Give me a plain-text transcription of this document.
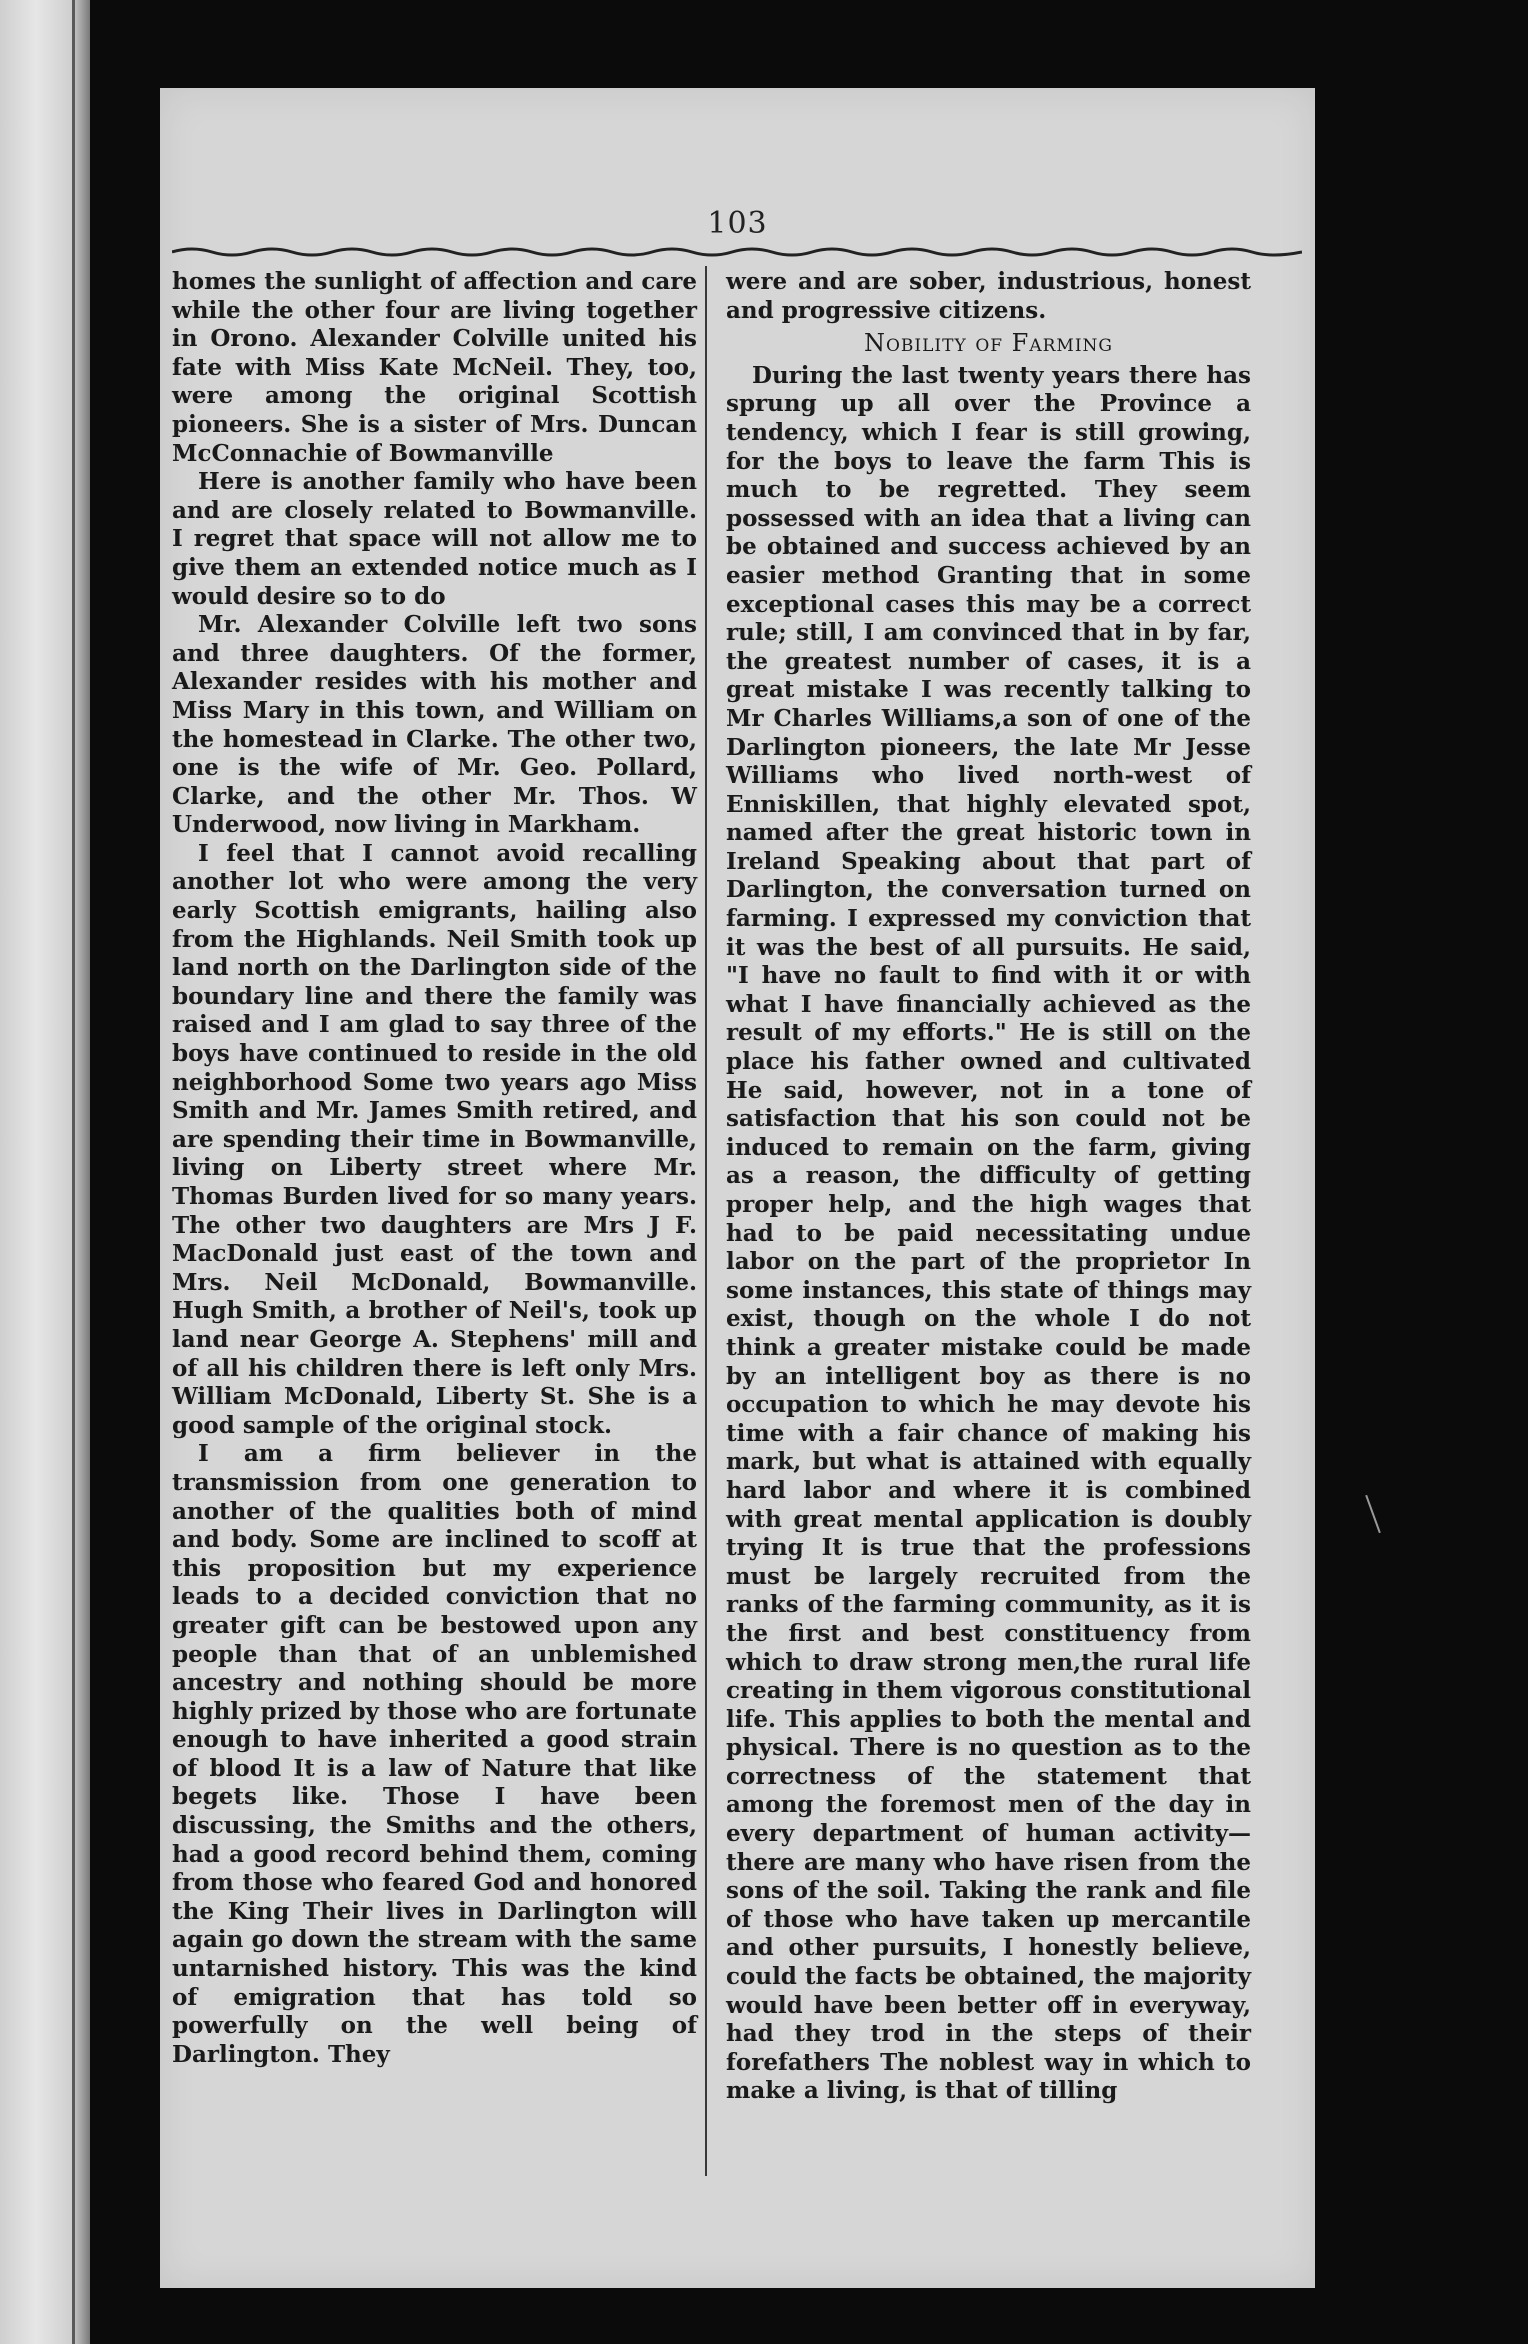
103

homes the sunlight of affection and care while the other four are living together in Orono. Alexander Colville united his fate with Miss Kate McNeil. They, too, were among the original Scottish pioneers. She is a sister of Mrs. Duncan McConnachie of Bowmanville

Here is another family who have been and are closely related to Bowmanville. I regret that space will not allow me to give them an extended notice much as I would desire so to do

Mr. Alexander Colville left two sons and three daughters. Of the former, Alexander resides with his mother and Miss Mary in this town, and William on the homestead in Clarke. The other two, one is the wife of Mr. Geo. Pollard, Clarke, and the other Mr. Thos. W Underwood, now living in Markham.

I feel that I cannot avoid recalling another lot who were among the very early Scottish emigrants, hailing also from the Highlands. Neil Smith took up land north on the Darlington side of the boundary line and there the family was raised and I am glad to say three of the boys have continued to reside in the old neighborhood Some two years ago Miss Smith and Mr. James Smith retired, and are spending their time in Bowmanville, living on Liberty street where Mr. Thomas Burden lived for so many years. The other two daughters are Mrs J F. MacDonald just east of the town and Mrs. Neil McDonald, Bowmanville. Hugh Smith, a brother of Neil's, took up land near George A. Stephens' mill and of all his children there is left only Mrs. William McDonald, Liberty St. She is a good sample of the original stock.

I am a firm believer in the transmission from one generation to another of the qualities both of mind and body. Some are inclined to scoff at this proposition but my experience leads to a decided conviction that no greater gift can be bestowed upon any people than that of an unblemished ancestry and nothing should be more highly prized by those who are fortunate enough to have inherited a good strain of blood It is a law of Nature that like begets like. Those I have been discussing, the Smiths and the others, had a good record behind them, coming from those who feared God and honored the King Their lives in Darlington will again go down the stream with the same untarnished history. This was the kind of emigration that has told so powerfully on the well being of Darlington. They

were and are sober, industrious, honest and progressive citizens.

Nobility of Farming

During the last twenty years there has sprung up all over the Province a tendency, which I fear is still growing, for the boys to leave the farm This is much to be regretted. They seem possessed with an idea that a living can be obtained and success achieved by an easier method Granting that in some exceptional cases this may be a correct rule; still, I am convinced that in by far, the greatest number of cases, it is a great mistake I was recently talking to Mr Charles Williams,a son of one of the Darlington pioneers, the late Mr Jesse Williams who lived north-west of Enniskillen, that highly elevated spot, named after the great historic town in Ireland Speaking about that part of Darlington, the conversation turned on farming. I expressed my conviction that it was the best of all pursuits. He said, "I have no fault to find with it or with what I have financially achieved as the result of my efforts." He is still on the place his father owned and cultivated He said, however, not in a tone of satisfaction that his son could not be induced to remain on the farm, giving as a reason, the difficulty of getting proper help, and the high wages that had to be paid necessitating undue labor on the part of the proprietor In some instances, this state of things may exist, though on the whole I do not think a greater mistake could be made by an intelligent boy as there is no occupation to which he may devote his time with a fair chance of making his mark, but what is attained with equally hard labor and where it is combined with great mental application is doubly trying It is true that the professions must be largely recruited from the ranks of the farming community, as it is the first and best constituency from which to draw strong men,the rural life creating in them vigorous constitutional life. This applies to both the mental and physical. There is no question as to the correctness of the statement that among the foremost men of the day in every department of human activity—there are many who have risen from the sons of the soil. Taking the rank and file of those who have taken up mercantile and other pursuits, I honestly believe, could the facts be obtained, the majority would have been better off in everyway, had they trod in the steps of their forefathers The noblest way in which to make a living, is that of tilling
